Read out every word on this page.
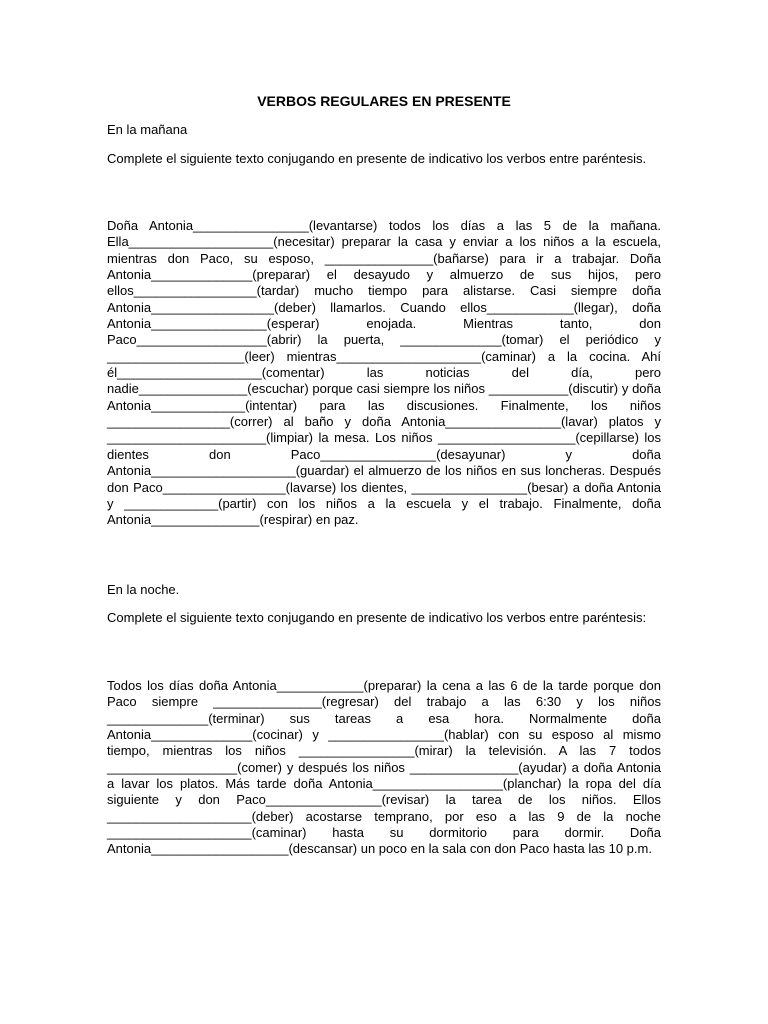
VERBOS REGULARES EN PRESENTE

En la mañana

Complete el siguiente texto conjugando en presente de indicativo los verbos entre paréntesis.

Doña Antonia________________(levantarse) todos los días a las 5 de la mañana. Ella____________________(necesitar) preparar la casa y enviar a los niños a la escuela, mientras don Paco, su esposo, _______________(bañarse) para ir a trabajar. Doña Antonia______________(preparar) el desayudo y almuerzo de sus hijos, pero ellos_________________(tardar) mucho tiempo para alistarse. Casi siempre doña Antonia_________________(deber) llamarlos. Cuando ellos____________(llegar), doña Antonia________________(esperar) enojada. Mientras tanto, don Paco__________________(abrir) la puerta, ______________(tomar) el periódico y ___________________(leer) mientras____________________(caminar) a la cocina. Ahí él____________________(comentar) las noticias del día, pero nadie_______________(escuchar) porque casi siempre los niños ___________(discutir) y doña Antonia_____________(intentar) para las discusiones. Finalmente, los niños _________________(correr) al baño y doña Antonia________________(lavar) platos y ______________________(limpiar) la mesa. Los niños ___________________(cepillarse) los dientes don Paco________________(desayunar) y doña Antonia____________________(guardar) el almuerzo de los niños en sus loncheras. Después don Paco_________________(lavarse) los dientes, ________________(besar) a doña Antonia y _____________(partir) con los niños a la escuela y el trabajo. Finalmente, doña Antonia_______________(respirar) en paz.

En la noche.

Complete el siguiente texto conjugando en presente de indicativo los verbos entre paréntesis:

Todos los días doña Antonia____________(preparar) la cena a las 6 de la tarde porque don Paco siempre _______________(regresar) del trabajo a las 6:30 y los niños ______________(terminar) sus tareas a esa hora. Normalmente doña Antonia______________(cocinar) y ________________(hablar) con su esposo al mismo tiempo, mientras los niños ________________(mirar) la televisión. A las 7 todos __________________(comer) y después los niños _______________(ayudar) a doña Antonia a lavar los platos. Más tarde doña Antonia__________________(planchar) la ropa del día siguiente y don Paco________________(revisar) la tarea de los niños. Ellos ____________________(deber) acostarse temprano, por eso a las 9 de la noche ____________________(caminar) hasta su dormitorio para dormir. Doña Antonia___________________(descansar) un poco en la sala con don Paco hasta las 10 p.m.
